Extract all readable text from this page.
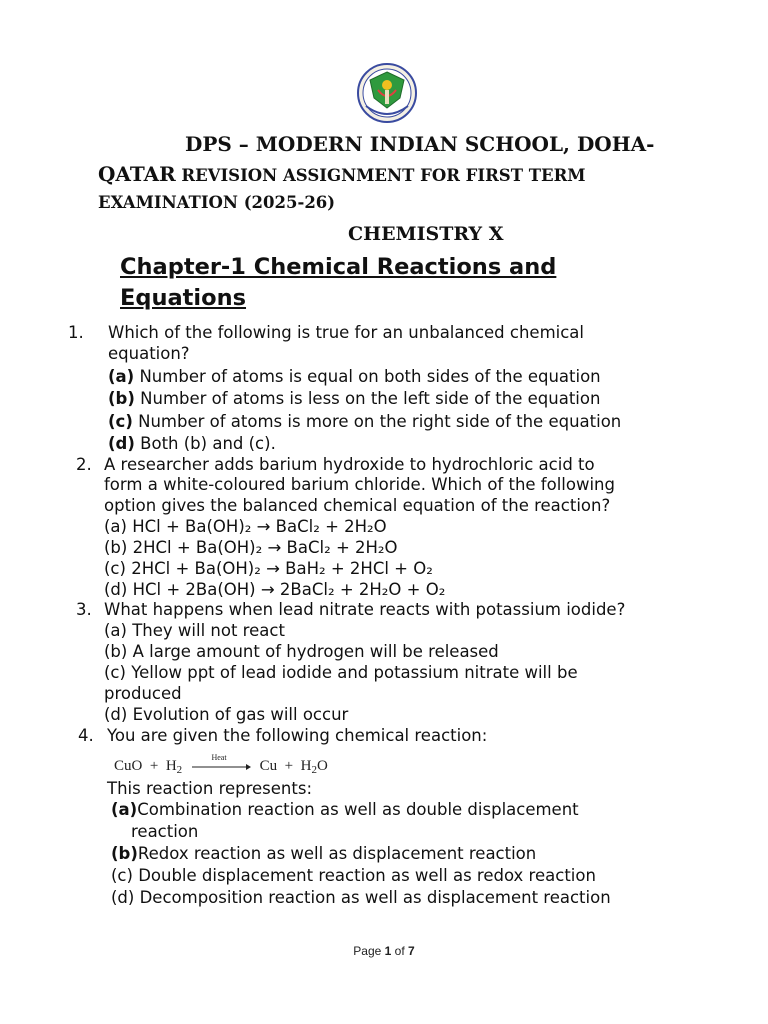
DPS – MODERN INDIAN SCHOOL, DOHA-
QATAR REVISION ASSIGNMENT FOR FIRST TERM
EXAMINATION (2025-26)
CHEMISTRY X
Chapter-1 Chemical Reactions and Equations
1. Which of the following is true for an unbalanced chemical
equation?
(a) Number of atoms is equal on both sides of the equation
(b) Number of atoms is less on the left side of the equation
(c) Number of atoms is more on the right side of the equation
(d) Both (b) and (c).
2. A researcher adds barium hydroxide to hydrochloric acid to
form a white-coloured barium chloride. Which of the following
option gives the balanced chemical equation of the reaction?
(a) HCl + Ba(OH)₂ → BaCl₂ + 2H₂O
(b) 2HCl + Ba(OH)₂ → BaCl₂ + 2H₂O
(c) 2HCl + Ba(OH)₂ → BaH₂ + 2HCl + O₂
(d) HCl + 2Ba(OH) → 2BaCl₂ + 2H₂O + O₂
3. What happens when lead nitrate reacts with potassium iodide?
(a) They will not react
(b) A large amount of hydrogen will be released
(c) Yellow ppt of lead iodide and potassium nitrate will be
produced
(d) Evolution of gas will occur
4. You are given the following chemical reaction:
CuO + $H_2$
Heat
$Cu + H_2O$
This reaction represents:
(a)Combination reaction as well as double displacement
reaction
(b)Redox reaction as well as displacement reaction
(c) Double displacement reaction as well as redox reaction
(d) Decomposition reaction as well as displacement reaction
Page 1 of 7
